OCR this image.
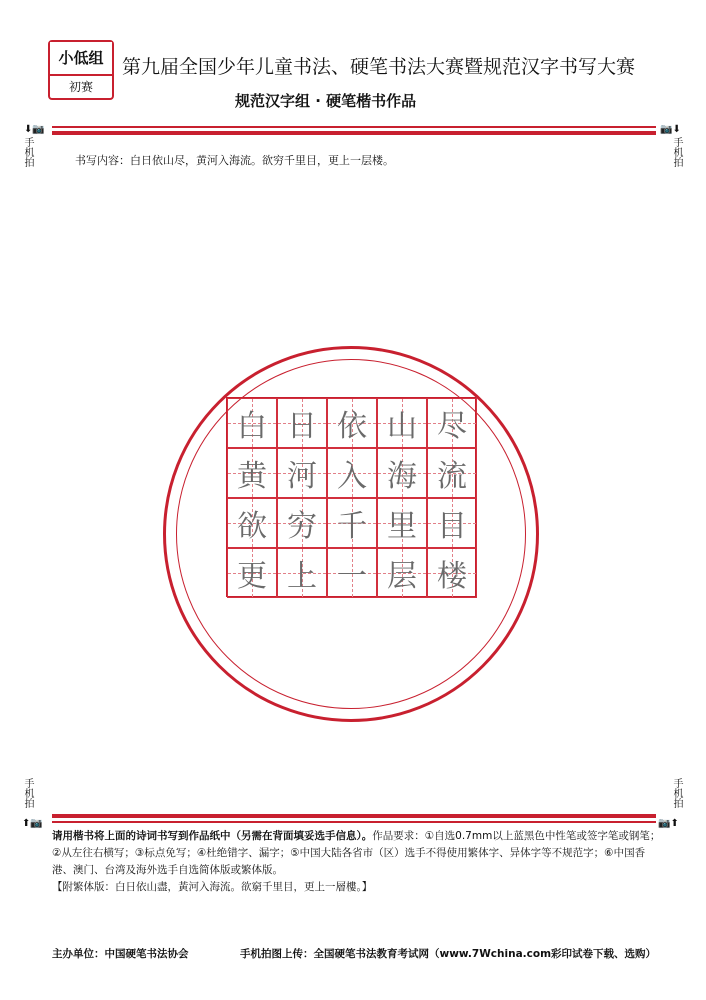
小低组
初赛
第九届全国少年儿童书法、硬笔书法大赛暨规范汉字书写大赛
规范汉字组 · 硬笔楷书作品
⬇📷
手机拍
📷⬇
手机拍
书写内容：白日依山尽，黄河入海流。欲穷千里目，更上一层楼。
白 日 依 山 尽
黄 河 入 海 流
欲 穷 千 里 目
更 上 一 层 楼
手机拍
⬆📷
手机拍
📷⬆
请用楷书将上面的诗词书写到作品纸中（另需在背面填妥选手信息）。作品要求：①自选0.7mm以上蓝黑色中性笔或签字笔或钢笔；②从左往右横写；③标点免写；④杜绝错字、漏字；⑤中国大陆各省市（区）选手不得使用繁体字、异体字等不规范字；⑥中国香港、澳门、台湾及海外选手自选简体版或繁体版。
【附繁体版：白日依山盡，黃河入海流。欲窮千里目，更上一層樓。】
主办单位：中国硬笔书法协会	手机拍图上传：全国硬笔书法教育考试网（www.7Wchina.com彩印试卷下载、选购）
